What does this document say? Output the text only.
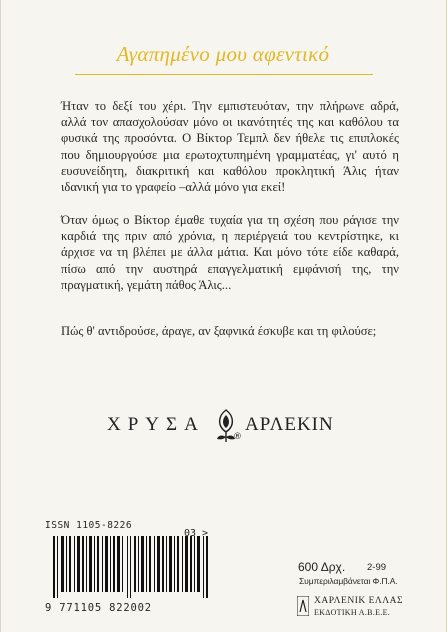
Αγαπημένο μου αφεντικό

Ήταν το δεξί του χέρι. Την εμπιστευόταν, την πλήρωνε αδρά, αλλά τον απασχολούσαν μόνο οι ικανότητές της και καθόλου τα φυσικά της προσόντα. Ο Βίκτορ Τεμπλ δεν ήθελε τις επιπλοκές που δημιουργούσε μια ερωτοχτυπημένη γραμματέας, γι' αυτό η ευσυνείδητη, διακριτική και καθόλου προκλητική Άλις ήταν ιδανική για το γραφείο –αλλά μόνο για εκεί!

Όταν όμως ο Βίκτορ έμαθε τυχαία για τη σχέση που ράγισε την καρδιά της πριν από χρόνια, η περιέργειά του κεντρίστηκε, κι άρχισε να τη βλέπει με άλλα μάτια. Και μόνο τότε είδε καθαρά, πίσω από την αυστηρά επαγγελματική εμφάνισή της, την πραγματική, γεμάτη πάθος Άλις...

Πώς θ' αντιδρούσε, άραγε, αν ξαφνικά έσκυβε και τη φιλούσε;

ΧΡΥΣΑ
®
ΑΡΛΕΚΙΝ
ISSN 1105-8226
9 771105 822002
03 >
600 Δρχ. 2-99
Συμπεριλαμβάνεται Φ.Π.Α.
ΧΑΡΛΕΝΙΚ ΕΛΛΑΣ
ΕΚΔΟΤΙΚΗ Α.Β.Ε.Ε.
